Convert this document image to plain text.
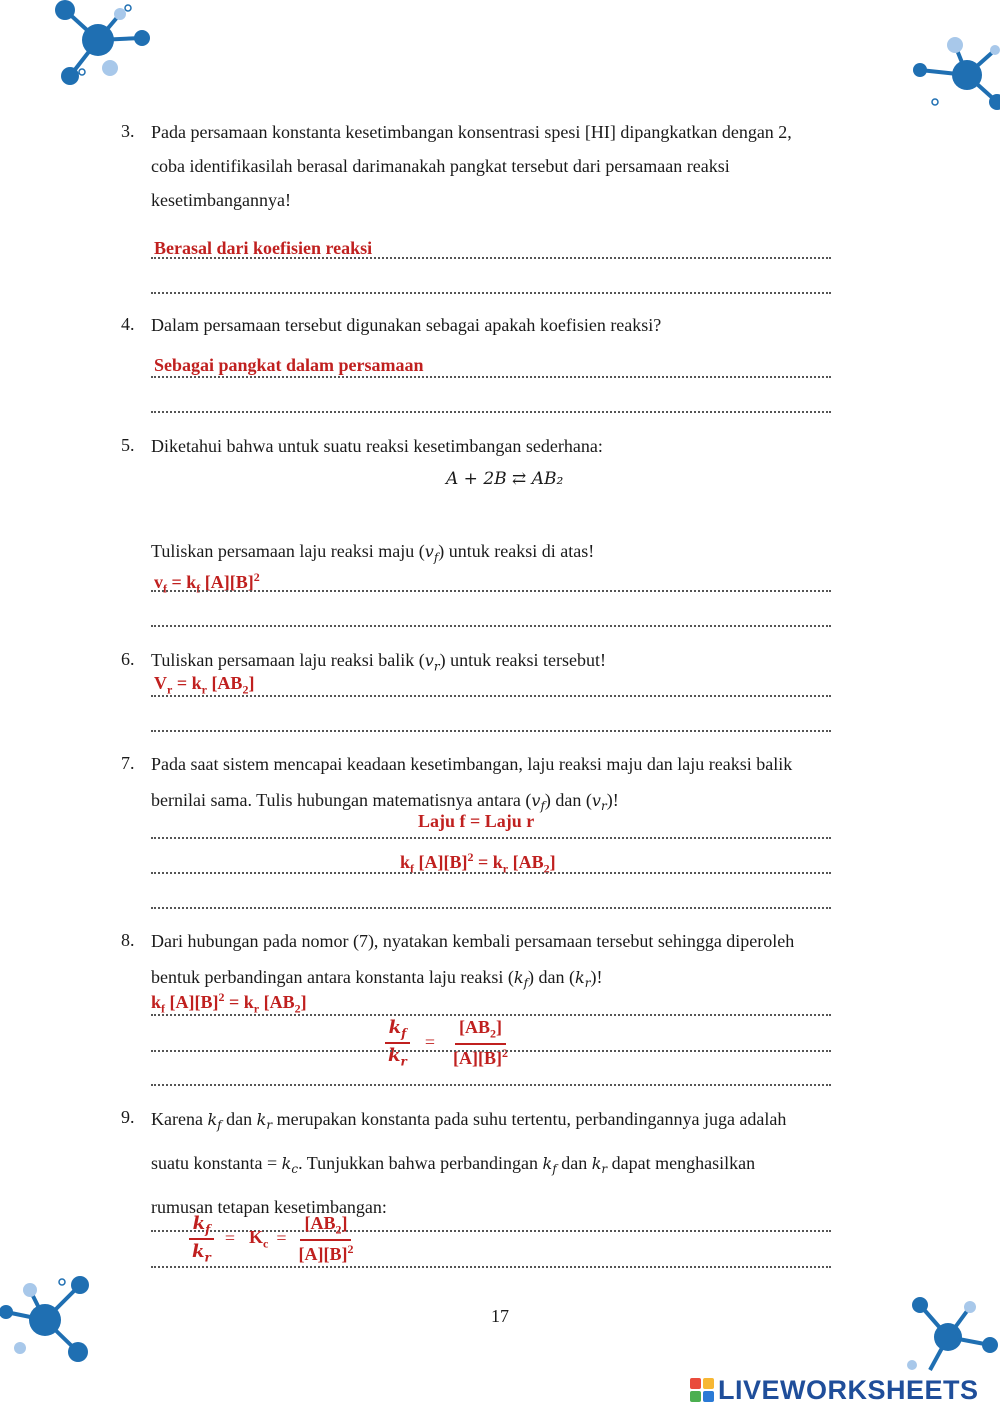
3. Pada persamaan konstanta kesetimbangan konsentrasi spesi [HI] dipangkatkan dengan 2,
coba identifikasilah berasal darimanakah pangkat tersebut dari persamaan reaksi
kesetimbangannya!
Berasal dari koefisien reaksi
4. Dalam persamaan tersebut digunakan sebagai apakah koefisien reaksi?
Sebagai pangkat dalam persamaan
5. Diketahui bahwa untuk suatu reaksi kesetimbangan sederhana:
A + 2B ⇄ AB₂
Tuliskan persamaan laju reaksi maju $(v_f)$ untuk reaksi di atas!
$v_f = k_f$ $[A][B]^2$
6. Tuliskan persamaan laju reaksi balik $(v_r)$ untuk reaksi tersebut!
$V_r = k_r$ $[AB_2]$
7. Pada saat sistem mencapai keadaan kesetimbangan, laju reaksi maju dan laju reaksi balik
bernilai sama. Tulis hubungan matematisnya antara $(v_f)$ dan $(v_r)$!
Laju f = Laju r
$k_f$ $[A][B]^2 = k_r$ $[AB_2]$
8. Dari hubungan pada nomor (7), nyatakan kembali persamaan tersebut sehingga diperoleh
bentuk perbandingan antara konstanta laju reaksi $(k_f)$ dan $(k_r)$!
$k_f$ $[A][B]^2 = k_r$ $[AB_2]$
$\frac{k_f}{k_r} = \frac{[AB_2]}{[A][B]^2}$
9. Karena $k_f$ dan $k_r$ merupakan konstanta pada suhu tertentu, perbandingannya juga adalah
suatu konstanta = $k_c$. Tunjukkan bahwa perbandingan $k_f$ dan $k_r$ dapat menghasilkan
rumusan tetapan kesetimbangan:
$\frac{k_f}{k_r} = K_c = \frac{[AB_2]}{[A][B]^2}$
17
LIVEWORKSHEETS
